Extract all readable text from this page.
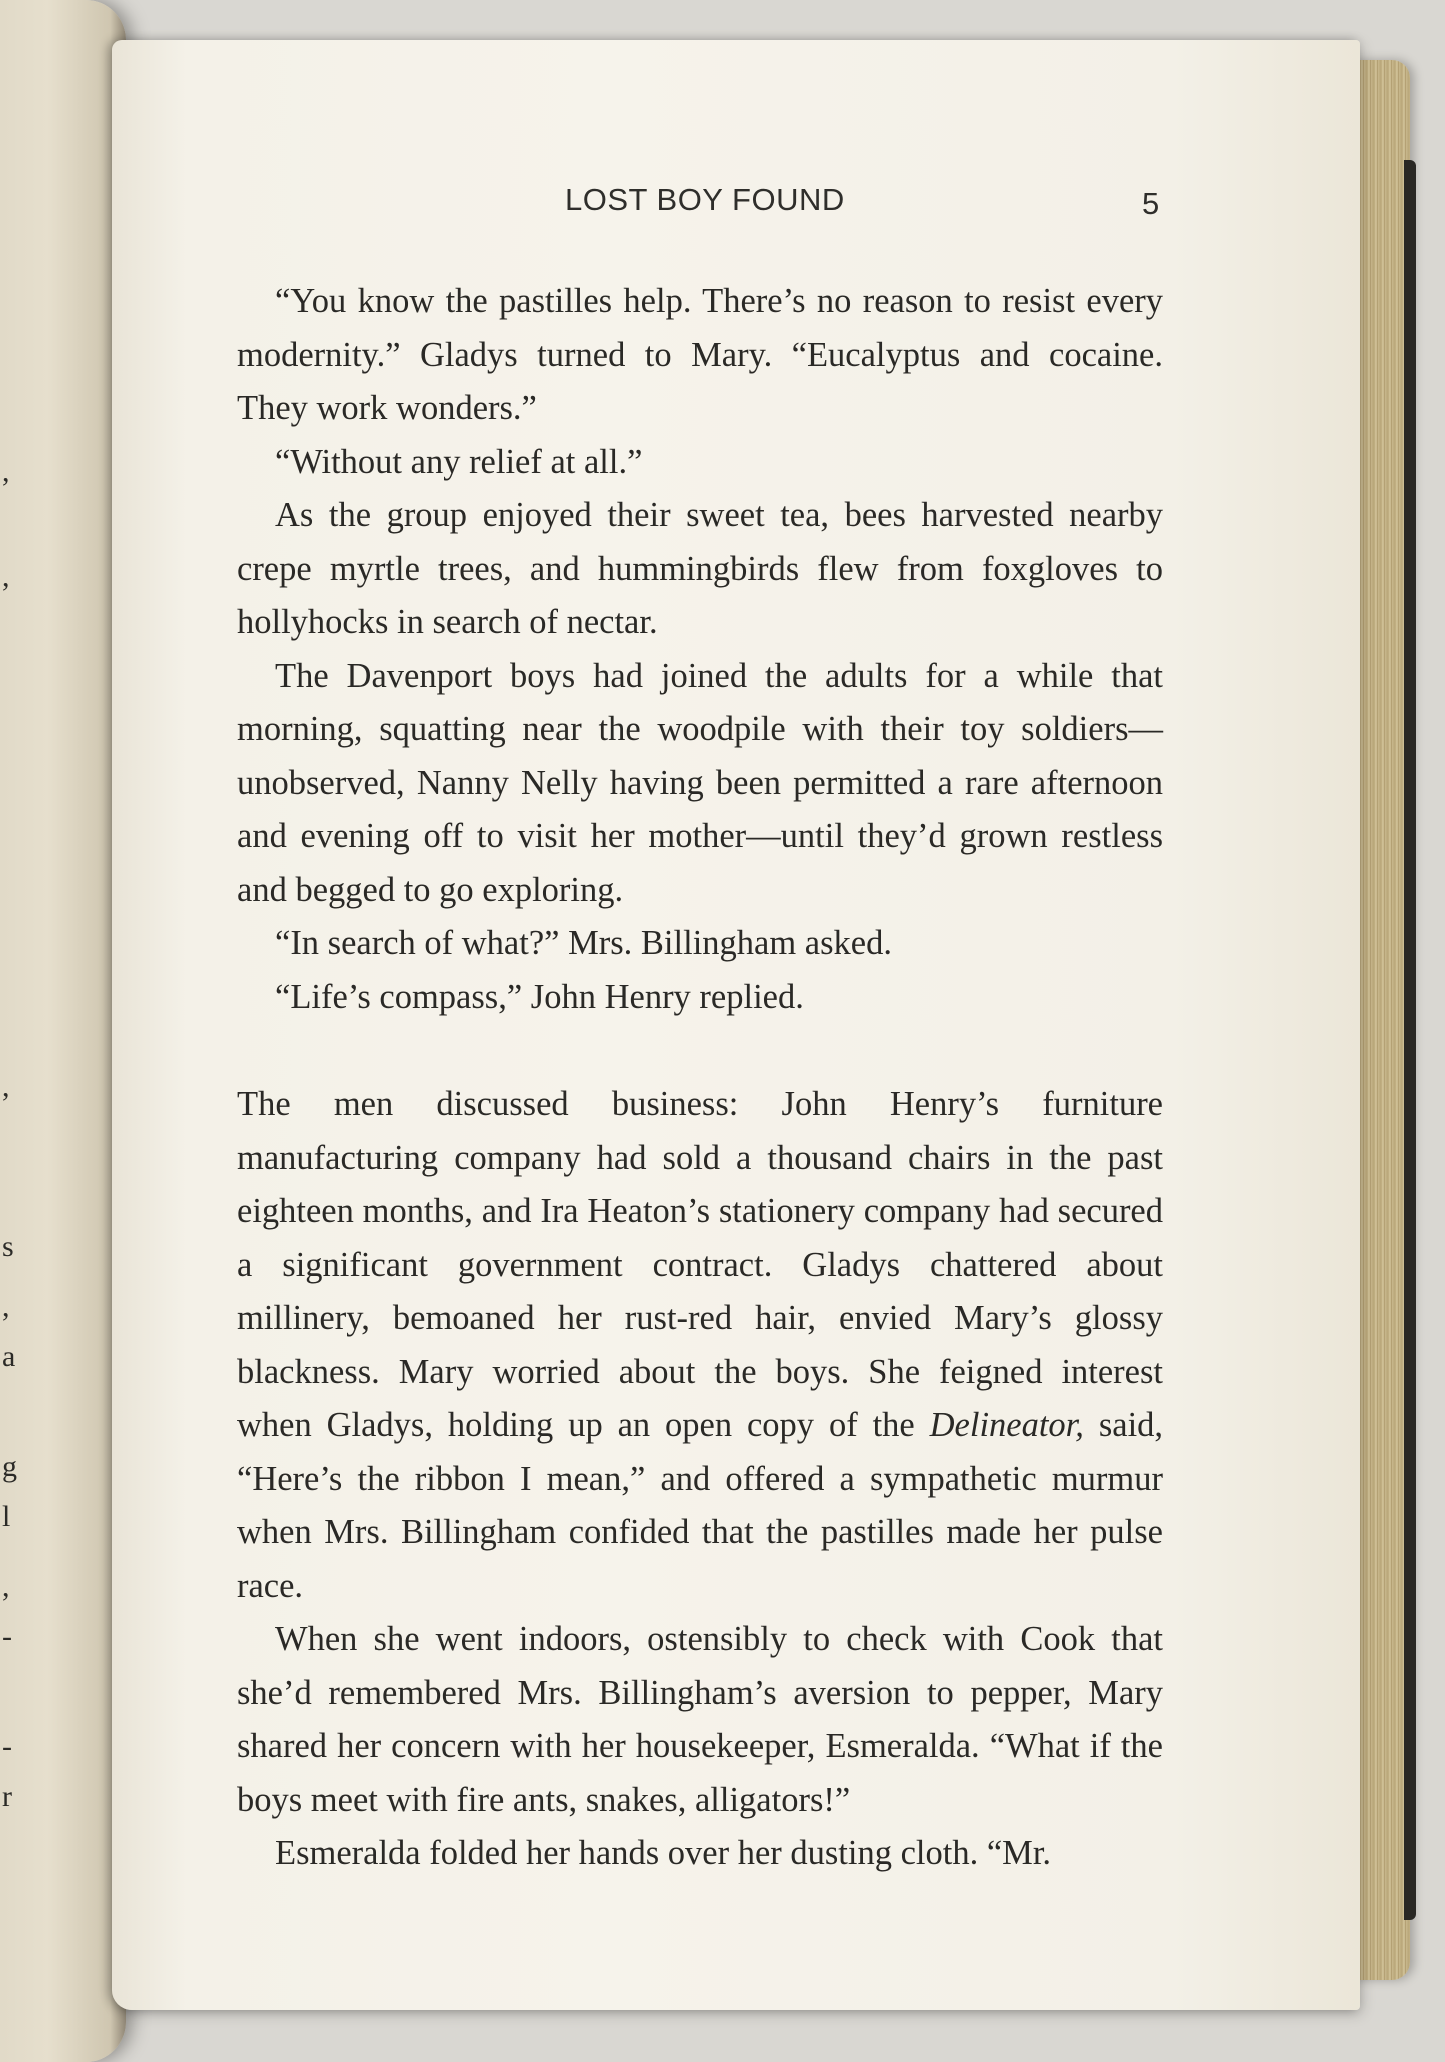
,
,
,
s
,
a
g
l
,
-
-
r
LOST BOY FOUND	5

“You know the pastilles help. There’s no reason to resist every modernity.” Gladys turned to Mary. “Eucalyptus and cocaine. They work wonders.”

“Without any relief at all.”

As the group enjoyed their sweet tea, bees harvested nearby crepe myrtle trees, and hummingbirds flew from foxgloves to hollyhocks in search of nectar.

The Davenport boys had joined the adults for a while that morning, squatting near the woodpile with their toy soldiers—unobserved, Nanny Nelly having been permitted a rare afternoon and evening off to visit her mother—until they’d grown restless and begged to go exploring.

“In search of what?” Mrs. Billingham asked.

“Life’s compass,” John Henry replied.

The men discussed business: John Henry’s furniture manufacturing company had sold a thousand chairs in the past eighteen months, and Ira Heaton’s stationery company had secured a significant government contract. Gladys chattered about millinery, bemoaned her rust-red hair, envied Mary’s glossy blackness. Mary worried about the boys. She feigned interest when Gladys, holding up an open copy of the Delineator, said, “Here’s the ribbon I mean,” and offered a sympathetic murmur when Mrs. Billingham confided that the pastilles made her pulse race.

When she went indoors, ostensibly to check with Cook that she’d remembered Mrs. Billingham’s aversion to pepper, Mary shared her concern with her housekeeper, Esmeralda. “What if the boys meet with fire ants, snakes, alligators!”

Esmeralda folded her hands over her dusting cloth. “Mr.
